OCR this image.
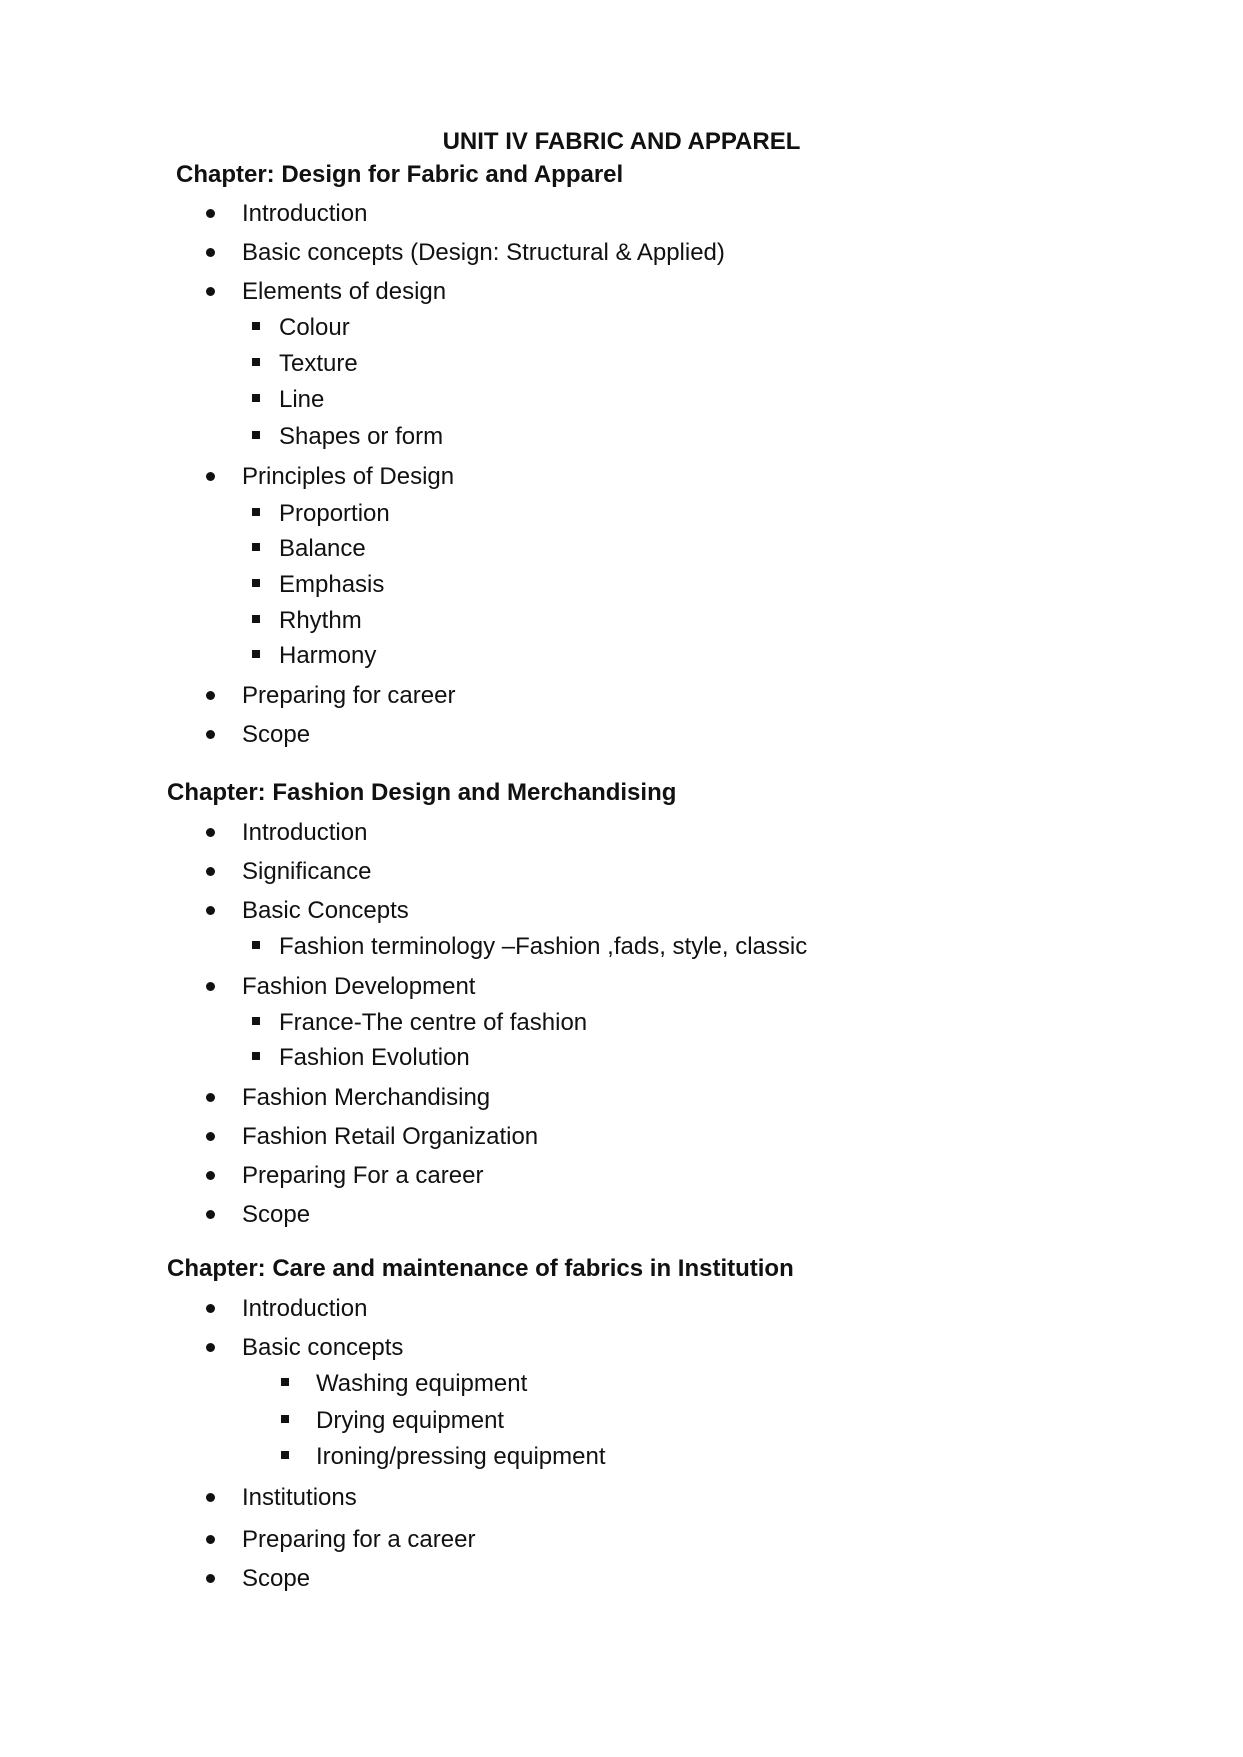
UNIT IV FABRIC AND APPAREL
Chapter: Design for Fabric and Apparel
Introduction
Basic concepts (Design: Structural & Applied)
Elements of design
Colour
Texture
Line
Shapes or form
Principles of Design
Proportion
Balance
Emphasis
Rhythm
Harmony
Preparing for career
Scope
Chapter: Fashion Design and Merchandising
Introduction
Significance
Basic Concepts
Fashion terminology –Fashion ,fads, style, classic
Fashion Development
France-The centre of fashion
Fashion Evolution
Fashion Merchandising
Fashion Retail Organization
Preparing For a career
Scope
Chapter: Care and maintenance of fabrics in Institution
Introduction
Basic concepts
Washing equipment
Drying equipment
Ironing/pressing equipment
Institutions
Preparing for a career
Scope
